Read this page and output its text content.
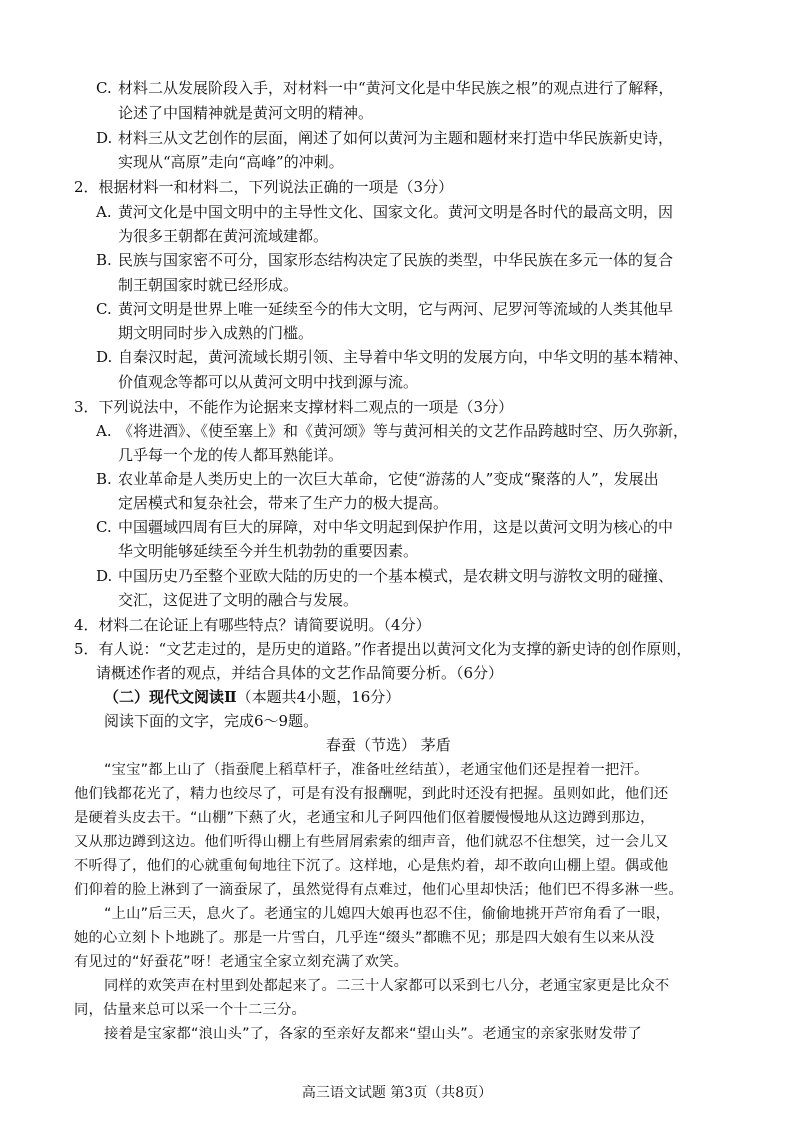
C. 材料二从发展阶段入手，对材料一中“黄河文化是中华民族之根”的观点进行了解释，
论述了中国精神就是黄河文明的精神。
D. 材料三从文艺创作的层面，阐述了如何以黄河为主题和题材来打造中华民族新史诗，
实现从“高原”走向“高峰”的冲刺。
2．根据材料一和材料二，下列说法正确的一项是（3分）
A. 黄河文化是中国文明中的主导性文化、国家文化。黄河文明是各时代的最高文明，因
为很多王朝都在黄河流域建都。
B. 民族与国家密不可分，国家形态结构决定了民族的类型，中华民族在多元一体的复合
制王朝国家时就已经形成。
C. 黄河文明是世界上唯一延续至今的伟大文明，它与两河、尼罗河等流域的人类其他早
期文明同时步入成熟的门槛。
D. 自秦汉时起，黄河流域长期引领、主导着中华文明的发展方向，中华文明的基本精神、
价值观念等都可以从黄河文明中找到源与流。
3．下列说法中，不能作为论据来支撑材料二观点的一项是（3分）
A. 《将进酒》、《使至塞上》和《黄河颂》等与黄河相关的文艺作品跨越时空、历久弥新，
几乎每一个龙的传人都耳熟能详。
B. 农业革命是人类历史上的一次巨大革命，它使“游荡的人”变成“聚落的人”，发展出
定居模式和复杂社会，带来了生产力的极大提高。
C. 中国疆域四周有巨大的屏障，对中华文明起到保护作用，这是以黄河文明为核心的中
华文明能够延续至今并生机勃勃的重要因素。
D. 中国历史乃至整个亚欧大陆的历史的一个基本模式，是农耕文明与游牧文明的碰撞、
交汇，这促进了文明的融合与发展。
4．材料二在论证上有哪些特点？请简要说明。（4分）
5．有人说：“文艺走过的，是历史的道路。”作者提出以黄河文化为支撑的新史诗的创作原则，
请概述作者的观点，并结合具体的文艺作品简要分析。（6分）
（二）现代文阅读Ⅱ（本题共4小题，16分）
阅读下面的文字，完成6～9题。
春蚕（节选） 茅盾
“宝宝”都上山了（指蚕爬上稻草杆子，准备吐丝结茧），老通宝他们还是捏着一把汗。
他们钱都花光了，精力也绞尽了，可是有没有报酬呢，到此时还没有把握。虽则如此，他们还
是硬着头皮去干。“山棚”下爇了火，老通宝和儿子阿四他们伛着腰慢慢地从这边蹲到那边，
又从那边蹲到这边。他们听得山棚上有些屑屑索索的细声音，他们就忍不住想笑，过一会儿又
不听得了，他们的心就重甸甸地往下沉了。这样地，心是焦灼着，却不敢向山棚上望。偶或他
们仰着的脸上淋到了一滴蚕尿了，虽然觉得有点难过，他们心里却快活；他们巴不得多淋一些。
“上山”后三天，息火了。老通宝的儿媳四大娘再也忍不住，偷偷地挑开芦帘角看了一眼，
她的心立刻卜卜地跳了。那是一片雪白，几乎连“缀头”都瞧不见；那是四大娘有生以来从没
有见过的“好蚕花”呀！老通宝全家立刻充满了欢笑。
同样的欢笑声在村里到处都起来了。二三十人家都可以采到七八分，老通宝家更是比众不
同，估量来总可以采一个十二三分。
接着是宝家都“浪山头”了，各家的至亲好友都来“望山头”。老通宝的亲家张财发带了
高三语文试题 第3页（共8页）
